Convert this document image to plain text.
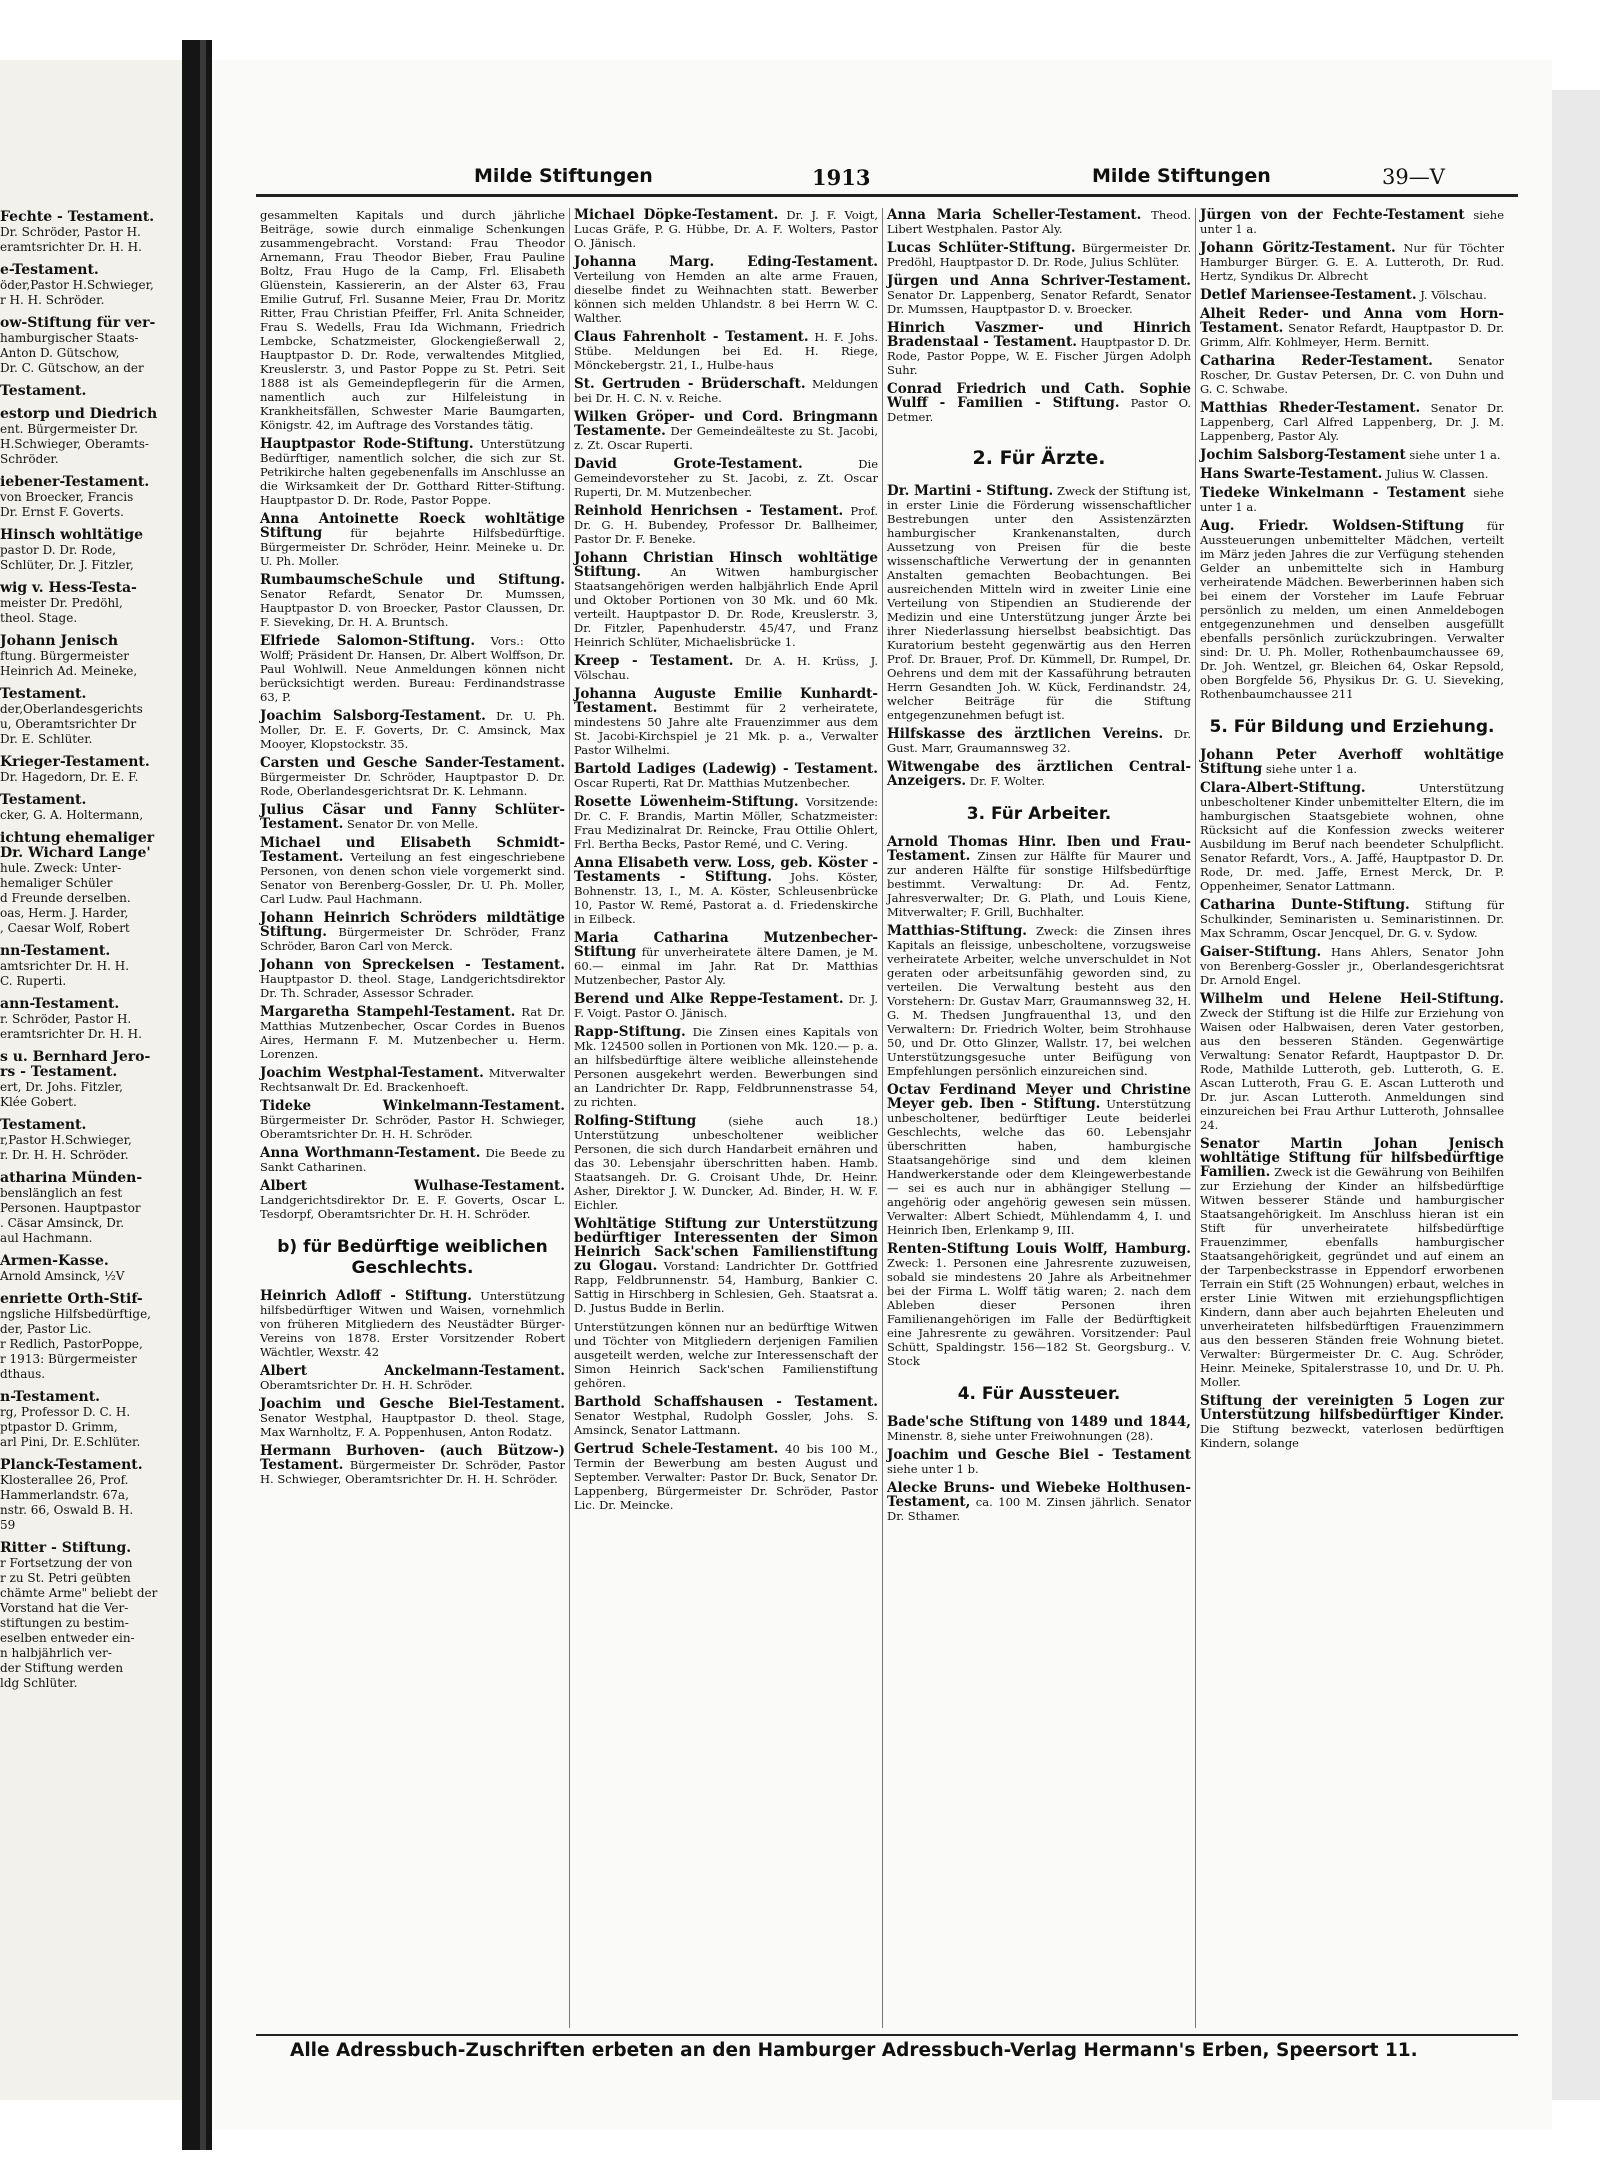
Fechte - Testament.
Dr. Schröder, Pastor H.
eramtsrichter Dr. H. H.
e-Testament.
öder,Pastor H.Schwieger,
r H. H. Schröder.
ow-Stiftung für ver-
hamburgischer Staats-
Anton D. Gütschow,
Dr. C. Gütschow, an der
Testament.
estorp und Diedrich
ent. Bürgermeister Dr.
H.Schwieger, Oberamts-
Schröder.
iebener-Testament.
von Broecker, Francis
Dr. Ernst F. Goverts.
Hinsch wohltätige
pastor D. Dr. Rode,
Schlüter, Dr. J. Fitzler,
wig v. Hess-Testa-
meister Dr. Predöhl,
theol. Stage.
Johann Jenisch
ftung. Bürgermeister
Heinrich Ad. Meineke,
Testament.
der,Oberlandesgerichts
u, Oberamtsrichter Dr
Dr. E. Schlüter.
Krieger-Testament.
Dr. Hagedorn, Dr. E. F.
Testament.
cker, G. A. Holtermann,
ichtung ehemaliger
Dr. Wichard Lange'
hule. Zweck: Unter-
hemaliger Schüler
d Freunde derselben.
oas, Herm. J. Harder,
, Caesar Wolf, Robert
nn-Testament.
amtsrichter Dr. H. H.
C. Ruperti.
ann-Testament.
r. Schröder, Pastor H.
eramtsrichter Dr. H. H.
s u. Bernhard Jero-
rs - Testament.
ert, Dr. Johs. Fitzler,
Klée Gobert.
Testament.
r,Pastor H.Schwieger,
r. Dr. H. H. Schröder.
atharina Münden-
benslänglich an fest
Personen. Hauptpastor
. Cäsar Amsinck, Dr.
aul Hachmann.
Armen-Kasse.
Arnold Amsinck, ½V
enriette Orth-Stif-
ngsliche Hilfsbedürftige,
der, Pastor Lic.
r Redlich, PastorPoppe,
r 1913: Bürgermeister
dthaus.
n-Testament.
rg, Professor D. C. H.
ptpastor D. Grimm,
arl Pini, Dr. E.Schlüter.
Planck-Testament.
Klosterallee 26, Prof.
Hammerlandstr. 67a,
nstr. 66, Oswald B. H.
59
Ritter - Stiftung.
r Fortsetzung der von
r zu St. Petri geübten
chämte Arme" beliebt der
Vorstand hat die Ver-
stiftungen zu bestim-
eselben entweder ein-
n halbjährlich ver-
der Stiftung werden
ldg Schlüter.
Milde Stiftungen	1913	Milde Stiftungen	39—V
gesammelten Kapitals und durch jährliche Beiträge, sowie durch einmalige Schenkungen zusammengebracht. Vorstand: Frau Theodor Arnemann, Frau Theodor Bieber, Frau Pauline Boltz, Frau Hugo de la Camp, Frl. Elisabeth Glüenstein, Kassiererin, an der Alster 63, Frau Emilie Gutruf, Frl. Susanne Meier, Frau Dr. Moritz Ritter, Frau Christian Pfeiffer, Frl. Anita Schneider, Frau S. Wedells, Frau Ida Wichmann, Friedrich Lembcke, Schatzmeister, Glockengießerwall 2, Hauptpastor D. Dr. Rode, verwaltendes Mitglied, Kreuslerstr. 3, und Pastor Poppe zu St. Petri. Seit 1888 ist als Gemeindepflegerin für die Armen, namentlich auch zur Hilfeleistung in Krankheitsfällen, Schwester Marie Baumgarten, Königstr. 42, im Auftrage des Vorstandes tätig.
Hauptpastor Rode-Stiftung. Unterstützung Bedürftiger, namentlich solcher, die sich zur St. Petrikirche halten gegebenenfalls im Anschlusse an die Wirksamkeit der Dr. Gotthard Ritter-Stiftung. Hauptpastor D. Dr. Rode, Pastor Poppe.
Anna Antoinette Roeck wohltätige Stiftung für bejahrte Hilfsbedürftige. Bürgermeister Dr. Schröder, Heinr. Meineke u. Dr. U. Ph. Moller.
RumbaumscheSchule und Stiftung. Senator Refardt, Senator Dr. Mumssen, Hauptpastor D. von Broecker, Pastor Claussen, Dr. F. Sieveking, Dr. H. A. Bruntsch.
Elfriede Salomon-Stiftung. Vors.: Otto Wolff; Präsident Dr. Hansen, Dr. Albert Wolffson, Dr. Paul Wohlwill. Neue Anmeldungen können nicht berücksichtigt werden. Bureau: Ferdinandstrasse 63, P.
Joachim Salsborg-Testament. Dr. U. Ph. Moller, Dr. E. F. Goverts, Dr. C. Amsinck, Max Mooyer, Klopstockstr. 35.
Carsten und Gesche Sander-Testament. Bürgermeister Dr. Schröder, Hauptpastor D. Dr. Rode, Oberlandesgerichtsrat Dr. K. Lehmann.
Julius Cäsar und Fanny Schlüter-Testament. Senator Dr. von Melle.
Michael und Elisabeth Schmidt-Testament. Verteilung an fest eingeschriebene Personen, von denen schon viele vorgemerkt sind. Senator von Berenberg-Gossler, Dr. U. Ph. Moller, Carl Ludw. Paul Hachmann.
Johann Heinrich Schröders mildtätige Stiftung. Bürgermeister Dr. Schröder, Franz Schröder, Baron Carl von Merck.
Johann von Spreckelsen - Testament. Hauptpastor D. theol. Stage, Landgerichtsdirektor Dr. Th. Schrader, Assessor Schrader.
Margaretha Stampehl-Testament. Rat Dr. Matthias Mutzenbecher, Oscar Cordes in Buenos Aires, Hermann F. M. Mutzenbecher u. Herm. Lorenzen.
Joachim Westphal-Testament. Mitverwalter Rechtsanwalt Dr. Ed. Brackenhoeft.
Tideke Winkelmann-Testament. Bürgermeister Dr. Schröder, Pastor H. Schwieger, Oberamtsrichter Dr. H. H. Schröder.
Anna Worthmann-Testament. Die Beede zu Sankt Catharinen.
Albert Wulhase-Testament. Landgerichtsdirektor Dr. E. F. Goverts, Oscar L. Tesdorpf, Oberamtsrichter Dr. H. H. Schröder.
b) für Bedürftige weiblichen Geschlechts.
Heinrich Adloff - Stiftung. Unterstützung hilfsbedürftiger Witwen und Waisen, vornehmlich von früheren Mitgliedern des Neustädter Bürger-Vereins von 1878. Erster Vorsitzender Robert Wächtler, Wexstr. 42
Albert Anckelmann-Testament. Oberamtsrichter Dr. H. H. Schröder.
Joachim und Gesche Biel-Testament. Senator Westphal, Hauptpastor D. theol. Stage, Max Warnholtz, F. A. Poppenhusen, Anton Rodatz.
Hermann Burhoven- (auch Bützow-) Testament. Bürgermeister Dr. Schröder, Pastor H. Schwieger, Oberamtsrichter Dr. H. H. Schröder.
Michael Döpke-Testament. Dr. J. F. Voigt, Lucas Gräfe, P. G. Hübbe, Dr. A. F. Wolters, Pastor O. Jänisch.
Johanna Marg. Eding-Testament. Verteilung von Hemden an alte arme Frauen, dieselbe findet zu Weihnachten statt. Bewerber können sich melden Uhlandstr. 8 bei Herrn W. C. Walther.
Claus Fahrenholt - Testament. H. F. Johs. Stübe. Meldungen bei Ed. H. Riege, Mönckebergstr. 21, I., Hulbe-haus
St. Gertruden - Brüderschaft. Meldungen bei Dr. H. C. N. v. Reiche.
Wilken Gröper- und Cord. Bringmann Testamente. Der Gemeindeälteste zu St. Jacobi, z. Zt. Oscar Ruperti.
David Grote-Testament.	Die Gemeindevorsteher zu St. Jacobi, z. Zt. Oscar Ruperti, Dr. M. Mutzenbecher.
Reinhold Henrichsen - Testament. Prof. Dr. G. H. Bubendey, Professor Dr. Ballheimer, Pastor Dr. F. Beneke.
Johann Christian Hinsch wohltätige Stiftung.	An Witwen hamburgischer Staatsangehörigen werden halbjährlich Ende April und Oktober Portionen von 30 Mk. und 60 Mk. verteilt. Hauptpastor D. Dr. Rode, Kreuslerstr. 3, Dr. Fitzler, Papenhuderstr. 45/47, und Franz Heinrich Schlüter, Michaelisbrücke 1.
Kreep - Testament. Dr. A. H. Krüss, J. Völschau.
Johanna Auguste Emilie Kunhardt-Testament. Bestimmt für 2 verheiratete, mindestens 50 Jahre alte Frauenzimmer aus dem St. Jacobi-Kirchspiel je 21 Mk. p. a., Verwalter Pastor Wilhelmi.
Bartold Ladiges (Ladewig) - Testament. Oscar Ruperti, Rat Dr. Matthias Mutzenbecher.
Rosette Löwenheim-Stiftung. Vorsitzende: Dr. C. F. Brandis, Martin Möller, Schatzmeister: Frau Medizinalrat Dr. Reincke, Frau Ottilie Ohlert, Frl. Bertha Becks, Pastor Remé, und C. Vering.
Anna Elisabeth verw. Loss, geb. Köster - Testaments - Stiftung. Johs. Köster, Bohnenstr. 13, I., M. A. Köster, Schleusenbrücke 10, Pastor W. Remé, Pastorat a. d. Friedenskirche in Eilbeck.
Maria Catharina Mutzenbecher-Stiftung für unverheiratete ältere Damen, je M. 60.— einmal im Jahr. Rat Dr. Matthias Mutzenbecher, Pastor Aly.
Berend und Alke Reppe-Testament. Dr. J. F. Voigt. Pastor O. Jänisch.
Rapp-Stiftung. Die Zinsen eines Kapitals von Mk. 124500 sollen in Portionen von Mk. 120.— p. a. an hilfsbedürftige ältere weibliche alleinstehende Personen ausgekehrt werden. Bewerbungen sind an Landrichter Dr. Rapp, Feldbrunnenstrasse 54, zu richten.
Rolfing-Stiftung	(siehe auch 18.) Unterstützung unbescholtener weiblicher Personen, die sich durch Handarbeit ernähren und das 30. Lebensjahr überschritten haben. Hamb. Staatsangeh. Dr. G. Croisant Uhde, Dr. Heinr. Asher, Direktor J. W. Duncker, Ad. Binder, H. W. F. Eichler.
Wohltätige Stiftung zur Unterstützung bedürftiger Interessenten der Simon Heinrich Sack'schen Familienstiftung zu Glogau. Vorstand: Landrichter Dr. Gottfried Rapp, Feldbrunnenstr. 54, Hamburg, Bankier C. Sattig in Hirschberg in Schlesien, Geh. Staatsrat a. D. Justus Budde in Berlin.
Unterstützungen können nur an bedürftige Witwen und Töchter von Mitgliedern derjenigen Familien ausgeteilt werden, welche zur Interessenschaft der Simon Heinrich Sack'schen Familienstiftung gehören.
Barthold Schaffshausen - Testament. Senator Westphal, Rudolph Gossler, Johs. S. Amsinck, Senator Lattmann.
Gertrud Schele-Testament. 40 bis 100 M., Termin der Bewerbung am besten August und September. Verwalter: Pastor Dr. Buck, Senator Dr. Lappenberg, Bürgermeister Dr. Schröder, Pastor Lic. Dr. Meincke.
Anna Maria Scheller-Testament. Theod. Libert Westphalen. Pastor Aly.
Lucas Schlüter-Stiftung. Bürgermeister Dr. Predöhl, Hauptpastor D. Dr. Rode, Julius Schlüter.
Jürgen und Anna Schriver-Testament. Senator Dr. Lappenberg, Senator Refardt, Senator Dr. Mumssen, Hauptpastor D. v. Broecker.
Hinrich Vaszmer- und Hinrich Bradenstaal - Testament. Hauptpastor D. Dr. Rode, Pastor Poppe, W. E. Fischer Jürgen Adolph Suhr.
Conrad Friedrich und Cath. Sophie Wulff - Familien - Stiftung. Pastor O. Detmer.
2. Für Ärzte.
Dr. Martini - Stiftung. Zweck der Stiftung ist, in erster Linie die Förderung wissenschaftlicher Bestrebungen unter den Assistenzärzten hamburgischer Krankenanstalten, durch Aussetzung von Preisen für die beste wissenschaftliche Verwertung der in genannten Anstalten gemachten Beobachtungen. Bei ausreichenden Mitteln wird in zweiter Linie eine Verteilung von Stipendien an Studierende der Medizin und eine Unterstützung junger Ärzte bei ihrer Niederlassung hierselbst beabsichtigt. Das Kuratorium besteht gegenwärtig aus den Herren Prof. Dr. Brauer, Prof. Dr. Kümmell, Dr. Rumpel, Dr. Oehrens und dem mit der Kassaführung betrauten Herrn Gesandten Joh. W. Kück, Ferdinandstr. 24, welcher Beiträge für die Stiftung entgegenzunehmen befugt ist.
Hilfskasse des ärztlichen Vereins. Dr. Gust. Marr, Graumannsweg 32.
Witwengabe des ärztlichen Central-Anzeigers. Dr. F. Wolter.
3. Für Arbeiter.
Arnold Thomas Hinr. Iben und Frau-Testament. Zinsen zur Hälfte für Maurer und zur anderen Hälfte für sonstige Hilfsbedürftige bestimmt. Verwaltung: Dr. Ad. Fentz, Jahresverwalter; Dr. G. Plath, und Louis Kiene, Mitverwalter; F. Grill, Buchhalter.
Matthias-Stiftung. Zweck: die Zinsen ihres Kapitals an fleissige, unbescholtene, vorzugsweise verheiratete Arbeiter, welche unverschuldet in Not geraten oder arbeitsunfähig geworden sind, zu verteilen. Die Verwaltung besteht aus den Vorstehern: Dr. Gustav Marr, Graumannsweg 32, H. G. M. Thedsen Jungfrauenthal 13, und den Verwaltern: Dr. Friedrich Wolter, beim Strohhause 50, und Dr. Otto Glinzer, Wallstr. 17, bei welchen Unterstützungsgesuche unter Beifügung von Empfehlungen persönlich einzureichen sind.
Octav Ferdinand Meyer und Christine Meyer geb. Iben - Stiftung. Unterstützung unbescholtener, bedürftiger Leute beiderlei Geschlechts, welche das 60. Lebensjahr überschritten haben, hamburgische Staatsangehörige sind und dem kleinen Handwerkerstande oder dem Kleingewerbestande — sei es auch nur in abhängiger Stellung — angehörig oder angehörig gewesen sein müssen. Verwalter: Albert Schiedt, Mühlendamm 4, I. und Heinrich Iben, Erlenkamp 9, III.
Renten-Stiftung Louis Wolff, Hamburg. Zweck: 1. Personen eine Jahresrente zuzuweisen, sobald sie mindestens 20 Jahre als Arbeitnehmer bei der Firma L. Wolff tätig waren; 2. nach dem Ableben dieser Personen ihren Familienangehörigen im Falle der Bedürftigkeit eine Jahresrente zu gewähren. Vorsitzender: Paul Schütt, Spaldingstr. 156—182 St. Georgsburg.. V. Stock
4. Für Aussteuer.
Bade'sche Stiftung von 1489 und 1844, Minenstr. 8, siehe unter Freiwohnungen (28).
Joachim und Gesche Biel - Testament siehe unter 1 b.
Alecke Bruns- und Wiebeke Holthusen-Testament, ca. 100 M. Zinsen jährlich. Senator Dr. Sthamer.
Jürgen von der Fechte-Testament siehe unter 1 a.
Johann Göritz-Testament. Nur für Töchter Hamburger Bürger. G. E. A. Lutteroth, Dr. Rud. Hertz, Syndikus Dr. Albrecht
Detlef Mariensee-Testament. J. Völschau.
Alheit Reder- und Anna vom Horn-Testament. Senator Refardt, Hauptpastor D. Dr. Grimm, Alfr. Kohlmeyer, Herm. Bernitt.
Catharina Reder-Testament. Senator Roscher, Dr. Gustav Petersen, Dr. C. von Duhn und G. C. Schwabe.
Matthias Rheder-Testament. Senator Dr. Lappenberg, Carl Alfred Lappenberg, Dr. J. M. Lappenberg, Pastor Aly.
Jochim Salsborg-Testament siehe unter 1 a.
Hans Swarte-Testament. Julius W. Classen.
Tiedeke Winkelmann - Testament siehe unter 1 a.
Aug. Friedr. Woldsen-Stiftung für Aussteuerungen unbemittelter Mädchen, verteilt im März jeden Jahres die zur Verfügung stehenden Gelder an unbemittelte sich in Hamburg verheiratende Mädchen. Bewerberinnen haben sich bei einem der Vorsteher im Laufe Februar persönlich zu melden, um einen Anmeldebogen entgegenzunehmen und denselben ausgefüllt ebenfalls persönlich zurückzubringen. Verwalter sind: Dr. U. Ph. Moller, Rothenbaumchaussee 69, Dr. Joh. Wentzel, gr. Bleichen 64, Oskar Repsold, oben Borgfelde 56, Physikus Dr. G. U. Sieveking, Rothenbaumchaussee 211
5. Für Bildung und Erziehung.
Johann Peter Averhoff wohltätige Stiftung siehe unter 1 a.
Clara-Albert-Stiftung.	Unterstützung unbescholtener Kinder unbemittelter Eltern, die im hamburgischen Staatsgebiete wohnen, ohne Rücksicht auf die Konfession zwecks weiterer Ausbildung im Beruf nach beendeter Schulpflicht. Senator Refardt, Vors., A. Jaffé, Hauptpastor D. Dr. Rode, Dr. med. Jaffe, Ernest Merck, Dr. P. Oppenheimer, Senator Lattmann.
Catharina Dunte-Stiftung. Stiftung für Schulkinder, Seminaristen u. Seminaristinnen. Dr. Max Schramm, Oscar Jencquel, Dr. G. v. Sydow.
Gaiser-Stiftung. Hans Ahlers, Senator John von Berenberg-Gossler jr., Oberlandesgerichtsrat Dr. Arnold Engel.
Wilhelm und Helene Heil-Stiftung. Zweck der Stiftung ist die Hilfe zur Erziehung von Waisen oder Halbwaisen, deren Vater gestorben, aus den besseren Ständen. Gegenwärtige Verwaltung: Senator Refardt, Hauptpastor D. Dr. Rode, Mathilde Lutteroth, geb. Lutteroth, G. E. Ascan Lutteroth, Frau G. E. Ascan Lutteroth und Dr. jur. Ascan Lutteroth. Anmeldungen sind einzureichen bei Frau Arthur Lutteroth, Johnsallee 24.
Senator Martin Johan Jenisch wohltätige Stiftung für hilfsbedürftige Familien. Zweck ist die Gewährung von Beihilfen zur Erziehung der Kinder an hilfsbedürftige Witwen besserer Stände und hamburgischer Staatsangehörigkeit. Im Anschluss hieran ist ein Stift für unverheiratete hilfsbedürftige Frauenzimmer, ebenfalls hamburgischer Staatsangehörigkeit, gegründet und auf einem an der Tarpenbeckstrasse in Eppendorf erworbenen Terrain ein Stift (25 Wohnungen) erbaut, welches in erster Linie Witwen mit erziehungspflichtigen Kindern, dann aber auch bejahrten Eheleuten und unverheirateten hilfsbedürftigen Frauenzimmern aus den besseren Ständen freie Wohnung bietet. Verwalter: Bürgermeister Dr. C. Aug. Schröder, Heinr. Meineke, Spitalerstrasse 10, und Dr. U. Ph. Moller.
Stiftung der vereinigten 5 Logen zur Unterstützung hilfsbedürftiger Kinder. Die Stiftung bezweckt, vaterlosen bedürftigen Kindern, solange
Alle Adressbuch-Zuschriften erbeten an den Hamburger Adressbuch-Verlag Hermann's Erben, Speersort 11.
